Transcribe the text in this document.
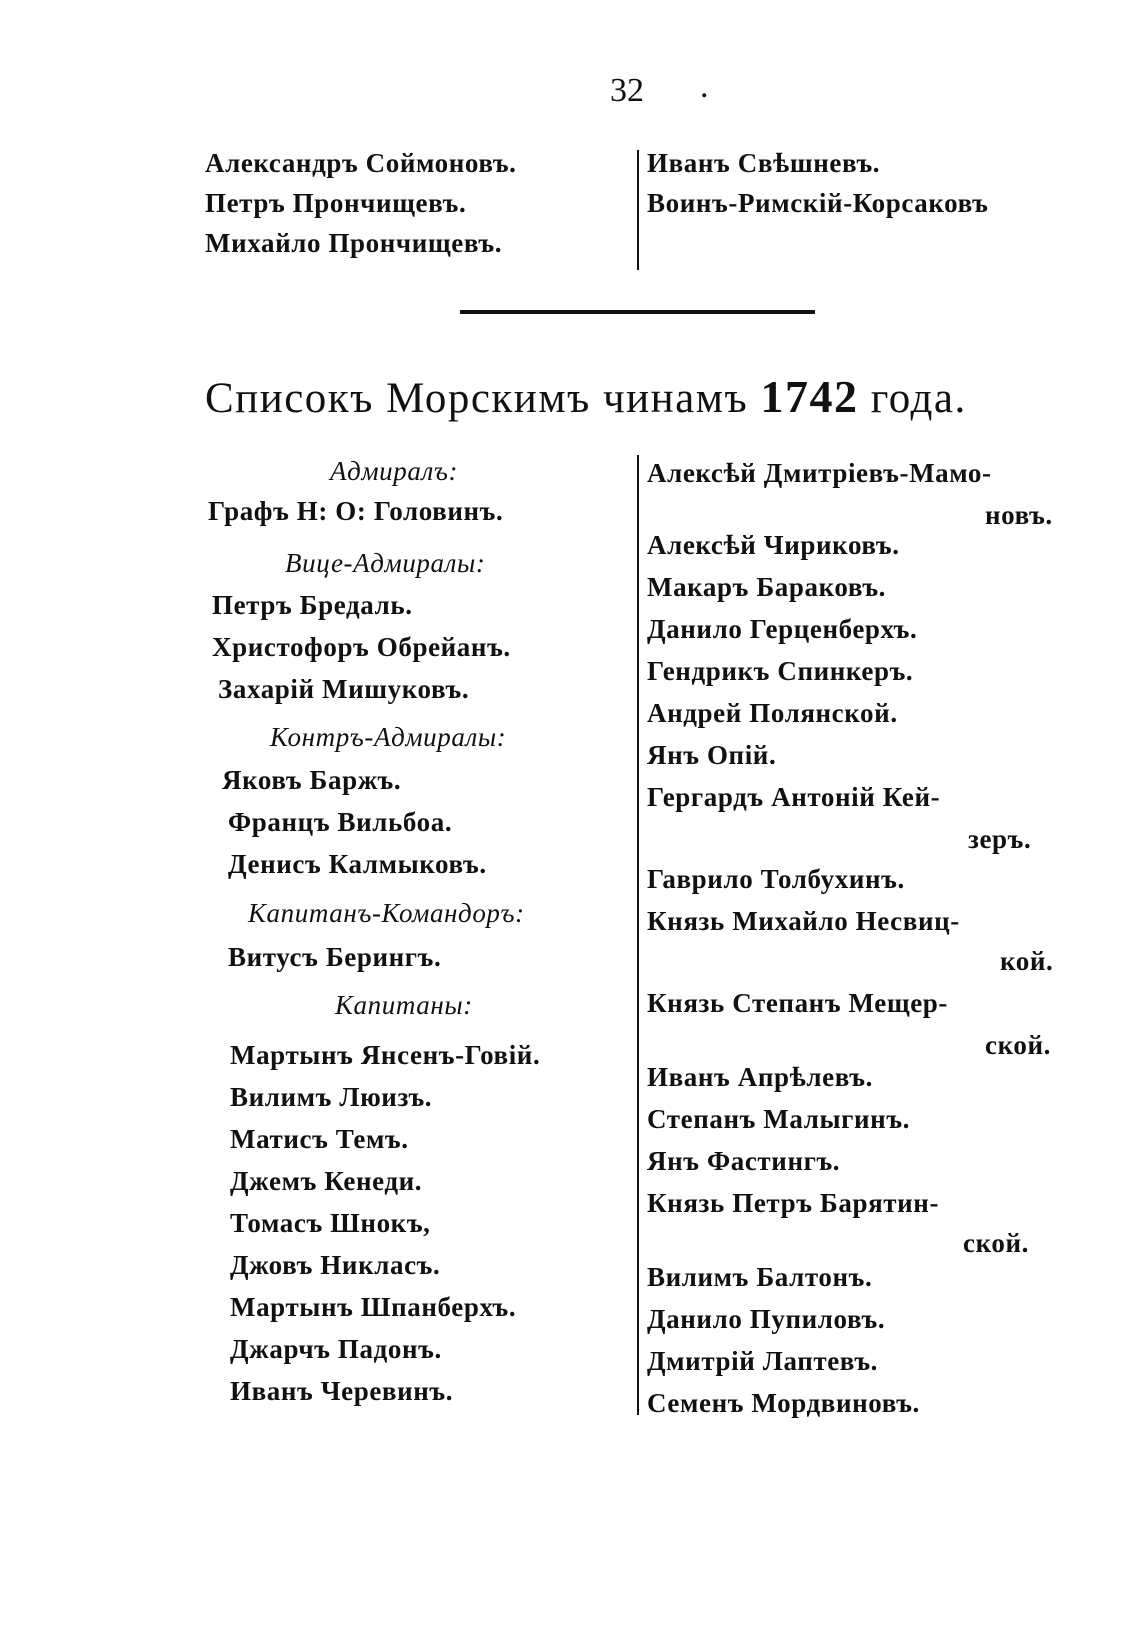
32 .
Александръ Соймоновъ.
Петръ Прончищевъ.
Михайло Прончищевъ.
Иванъ Свѣшневъ.
Воинъ-Римскій-Корсаковъ
Списокъ Морскимъ чинамъ 1742 года.
Адмиралъ:
Графъ Н: О: Головинъ.
Вице-Адмиралы:
Петръ Бредаль.
Христофоръ Обрейанъ.
Захарій Мишуковъ.
Контръ-Адмиралы:
Яковъ Баржъ.
Францъ Вильбоа.
Денисъ Калмыковъ.
Капитанъ-Командоръ:
Витусъ Берингъ.
Капитаны:
Мартынъ Янсенъ-Говій.
Вилимъ Люизъ.
Матисъ Темъ.
Джемъ Кенеди.
Томасъ Шнокъ,
Джовъ Никласъ.
Мартынъ Шпанберхъ.
Джарчъ Падонъ.
Иванъ Черевинъ.
Алексѣй Дмитріевъ-Мамо-
новъ.
Алексѣй Чириковъ.
Макаръ Бараковъ.
Данило Герценберхъ.
Гендрикъ Спинкеръ.
Андрей Полянской.
Янъ Опій.
Гергардъ Антоній Кей-
зеръ.
Гаврило Толбухинъ.
Князь Михайло Несвиц-
кой.
Князь Степанъ Мещер-
ской.
Иванъ Апрѣлевъ.
Степанъ Малыгинъ.
Янъ Фастингъ.
Князь Петръ Барятин-
ской.
Вилимъ Балтонъ.
Данило Пупиловъ.
Дмитрій Лаптевъ.
Семенъ Мордвиновъ.
